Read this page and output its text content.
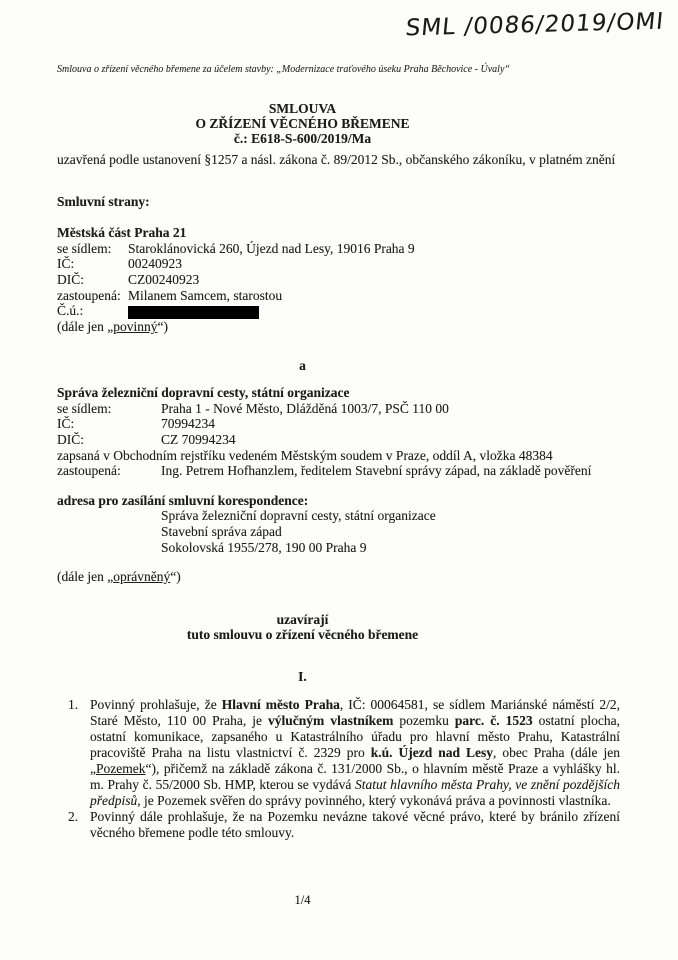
SML /0086/2019/OMI
Smlouva o zřízení věcného břemene za účelem stavby: „Modernizace traťového úseku Praha Běchovice - Úvaly“
SMLOUVA
O ZŘÍZENÍ VĚCNÉHO BŘEMENE
č.: E618-S-600/2019/Ma

uzavřená podle ustanovení §1257 a násl. zákona č. 89/2012 Sb., občanského zákoníku, v platném znění

Smluvní strany:
Městská část Praha 21
se sídlem:	Staroklánovická 260, Újezd nad Lesy, 19016 Praha 9
IČ:	00240923
DIČ:	CZ00240923
zastoupená: Milanem Samcem, starostou
Č.ú.:
(dále jen „povinný“)
a
Správa železniční dopravní cesty, státní organizace
se sídlem:	Praha 1 - Nové Město, Dlážděná 1003/7, PSČ 110 00
IČ:	70994234
DIČ:	CZ 70994234
zapsaná v Obchodním rejstříku vedeném Městským soudem v Praze, oddíl A, vložka 48384
zastoupená:	Ing. Petrem Hofhanzlem, ředitelem Stavební správy západ, na základě pověření
adresa pro zasílání smluvní korespondence:
Správa železniční dopravní cesty, státní organizace
Stavební správa západ
Sokolovská 1955/278, 190 00 Praha 9
(dále jen „oprávněný“)
uzavírají
tuto smlouvu o zřízení věcného břemene
I.
1. Povinný prohlašuje, že Hlavní město Praha, IČ: 00064581, se sídlem Mariánské náměstí 2/2, Staré Město, 110 00 Praha, je výlučným vlastníkem pozemku parc. č. 1523 ostatní plocha, ostatní komunikace, zapsaného u Katastrálního úřadu pro hlavní město Prahu, Katastrální pracoviště Praha na listu vlastnictví č. 2329 pro k.ú. Újezd nad Lesy, obec Praha (dále jen „Pozemek“), přičemž na základě zákona č. 131/2000 Sb., o hlavním městě Praze a vyhlášky hl. m. Prahy č. 55/2000 Sb. HMP, kterou se vydává Statut hlavního města Prahy, ve znění pozdějších předpisů, je Pozemek svěřen do správy povinného, který vykonává práva a povinnosti vlastníka.
2. Povinný dále prohlašuje, že na Pozemku nevázne takové věcné právo, které by bránilo zřízení věcného břemene podle této smlouvy.
1/4
